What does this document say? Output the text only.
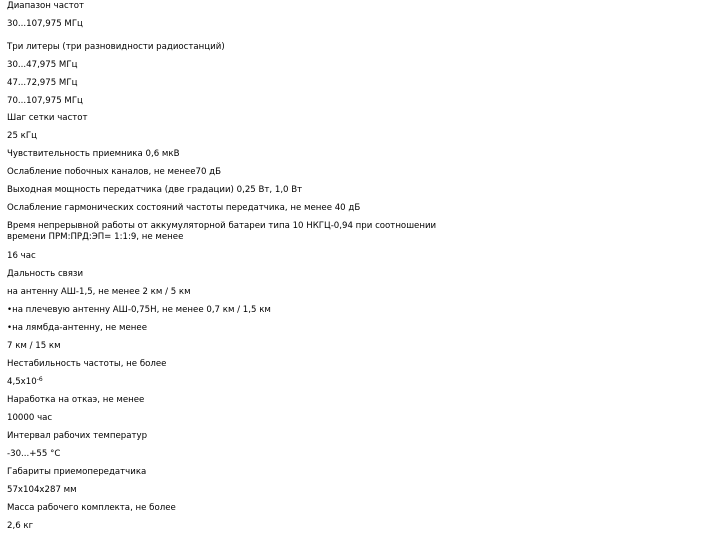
Диапазон частот
30...107,975 МГц
Три литеры (три разновидности радиостанций)
30...47,975 МГц
47...72,975 МГц
70...107,975 МГц
Шаг сетки частот
25 кГц
Чувствительность приемника 0,6 мкВ
Ослабление побочных каналов, не менее70 дБ
Выходная мощность передатчика (две градации) 0,25 Вт, 1,0 Вт
Ослабление гармонических состояний частоты передатчика, не менее 40 дБ
Время непрерывной работы от аккумуляторной батареи типа 10 НКГЦ-0,94 при соотношении времени ПРМ:ПРД:ЭП= 1:1:9, не менее
16 час
Дальность связи
на антенну АШ-1,5, не менее 2 км / 5 км
•на плечевую антенну АШ-0,75Н, не менее 0,7 км / 1,5 км
•на лямбда-антенну, не менее
7 км / 15 км
Нестабильность частоты, не более
$4,5x10^{-6}$
Наработка на откаэ, не менее
10000 час
Интервал рабочих температур
-30...+55 °С
Габариты приемопередатчика
57x104x287 мм
Масса рабочего комплекта, не более
2,6 кг
